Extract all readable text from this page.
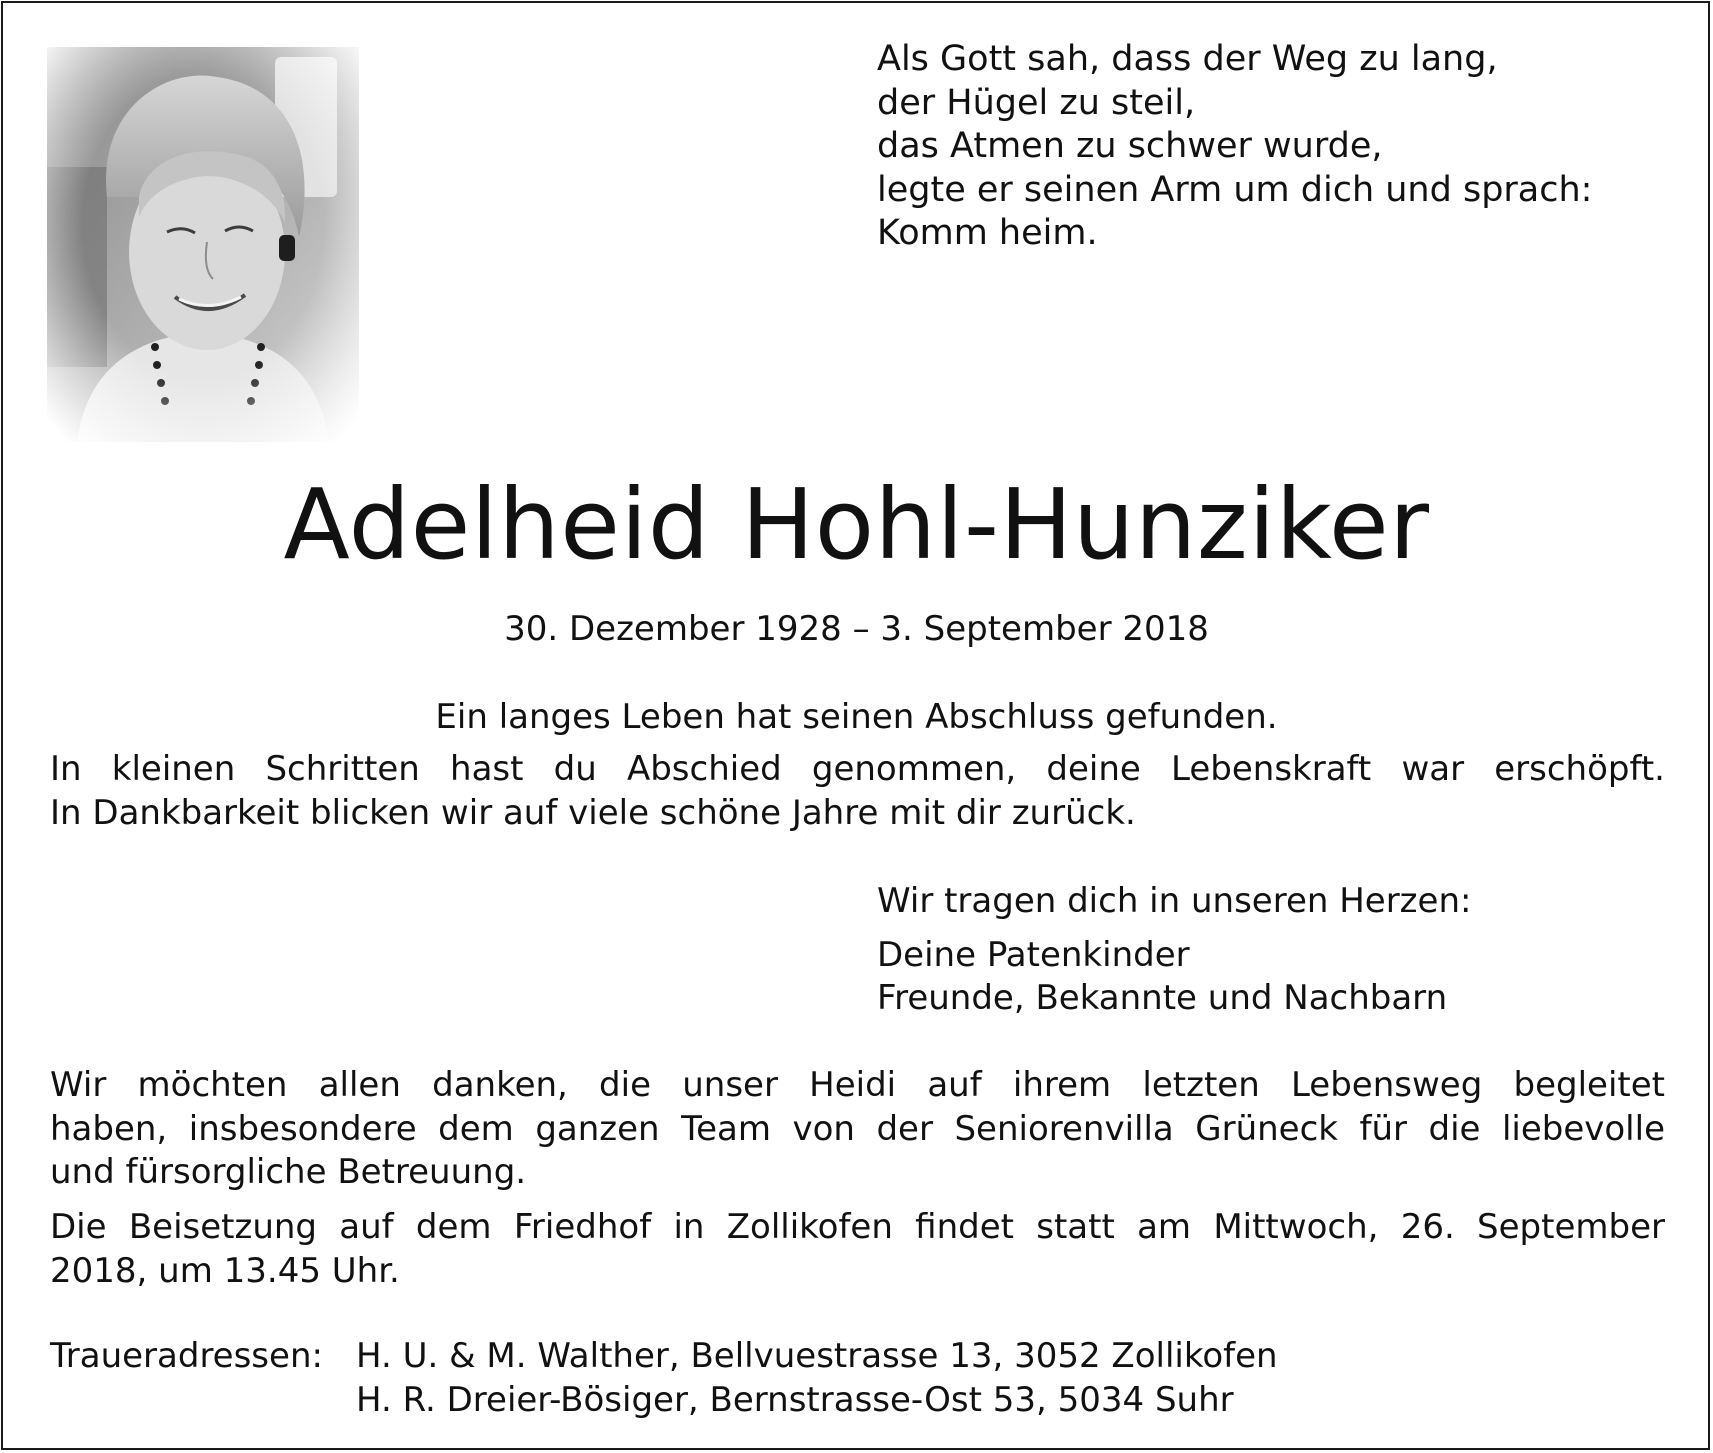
Als Gott sah, dass der Weg zu lang,
der Hügel zu steil,
das Atmen zu schwer wurde,
legte er seinen Arm um dich und sprach:
Komm heim.
Adelheid Hohl-Hunziker
30. Dezember 1928 – 3. September 2018
Ein langes Leben hat seinen Abschluss gefunden.
In kleinen Schritten hast du Abschied genommen, deine Lebenskraft war erschöpft.
In Dankbarkeit blicken wir auf viele schöne Jahre mit dir zurück.
Wir tragen dich in unseren Herzen:
Deine Patenkinder
Freunde, Bekannte und Nachbarn
Wir möchten allen danken, die unser Heidi auf ihrem letzten Lebensweg begleitet
haben, insbesondere dem ganzen Team von der Seniorenvilla Grüneck für die liebevolle
und fürsorgliche Betreuung.
Die Beisetzung auf dem Friedhof in Zollikofen findet statt am Mittwoch, 26. September
2018, um 13.45 Uhr.
Traueradressen: H. U. & M. Walther, Bellvuestrasse 13, 3052 Zollikofen
H. R. Dreier-Bösiger, Bernstrasse-Ost 53, 5034 Suhr
